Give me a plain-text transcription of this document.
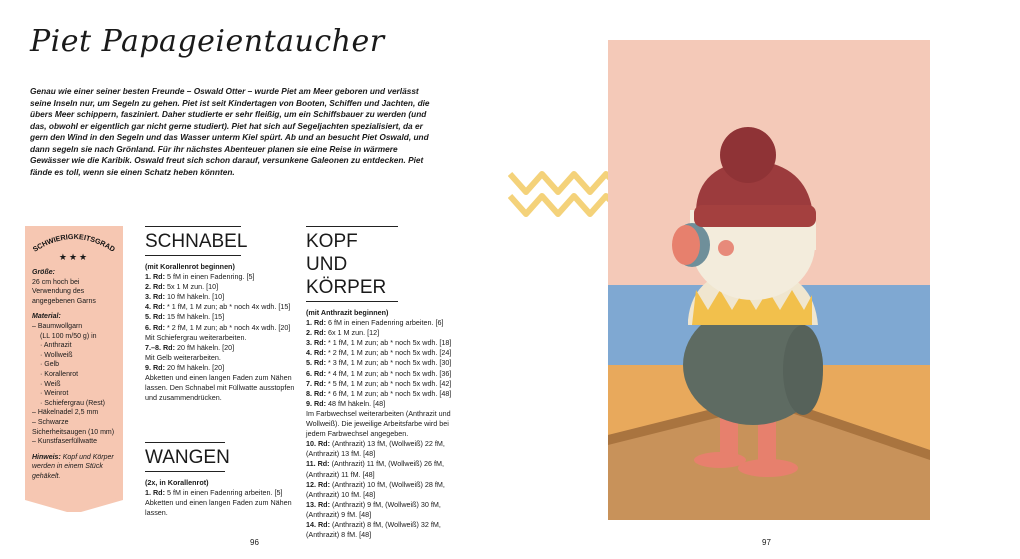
Piet Papageientaucher
Genau wie einer seiner besten Freunde – Oswald Otter – wurde Piet am Meer geboren und verlässt seine Inseln nur, um Segeln zu gehen. Piet ist seit Kindertagen von Booten, Schiffen und Jachten, die übers Meer schippern, fasziniert. Daher studierte er sehr fleißig, um ein Schiffsbauer zu werden (und das, obwohl er eigentlich gar nicht gerne studiert). Piet hat sich auf Segeljachten spezialisiert, da er gern den Wind in den Segeln und das Wasser unterm Kiel spürt. Ab und an besucht Piet Oswald, und dann segeln sie nach Grönland. Für ihr nächstes Abenteuer planen sie eine Reise in wärmere Gewässer wie die Karibik. Oswald freut sich schon darauf, versunkene Galeonen zu entdecken. Piet fände es toll, wenn sie einen Schatz heben könnten.
SCHWIERIGKEITSGRAD
★★★
Größe:
26 cm hoch bei Verwendung des angegebenen Garns
Material:
– Baumwollgarn
(LL 100 m/50 g) in
· Anthrazit
· Wollweiß
· Gelb
· Korallenrot
· Weiß
· Weinrot
· Schiefergrau (Rest)
– Häkelnadel 2,5 mm
– Schwarze Sicherheitsaugen (10 mm)
– Kunstfaserfüllwatte
Hinweis: Kopf und Körper werden in einem Stück gehäkelt.
SCHNABEL

(mit Korallenrot beginnen)

1. Rd: 5 fM in einen Fadenring. [5]

2. Rd: 5x 1 M zun. [10]

3. Rd: 10 fM häkeln. [10]

4. Rd: * 1 fM, 1 M zun; ab * noch 4x wdh. [15]

5. Rd: 15 fM häkeln. [15]

6. Rd: * 2 fM, 1 M zun; ab * noch 4x wdh. [20]

Mit Schiefergrau weiterarbeiten.

7.–8. Rd: 20 fM häkeln. [20]

Mit Gelb weiterarbeiten.

9. Rd: 20 fM häkeln. [20]

Abketten und einen langen Faden zum Nähen lassen. Den Schnabel mit Füllwatte ausstopfen und zusammendrücken.

WANGEN

(2x, in Korallenrot)

1. Rd: 5 fM in einen Fadenring arbeiten. [5] Abketten und einen langen Faden zum Nähen lassen.

KOPF UND KÖRPER

(mit Anthrazit beginnen)

1. Rd: 6 fM in einen Fadenring arbeiten. [6]

2. Rd: 6x 1 M zun. [12]

3. Rd: * 1 fM, 1 M zun; ab * noch 5x wdh. [18]

4. Rd: * 2 fM, 1 M zun; ab * noch 5x wdh. [24]

5. Rd: * 3 fM, 1 M zun; ab * noch 5x wdh. [30]

6. Rd: * 4 fM, 1 M zun; ab * noch 5x wdh. [36]

7. Rd: * 5 fM, 1 M zun; ab * noch 5x wdh. [42]

8. Rd: * 6 fM, 1 M zun; ab * noch 5x wdh. [48]

9. Rd: 48 fM häkeln. [48]

Im Farbwechsel weiterarbeiten (Anthrazit und Wollweiß). Die jeweilige Arbeitsfarbe wird bei jedem Farbwechsel angegeben.

10. Rd: (Anthrazit) 13 fM, (Wollweiß) 22 fM, (Anthrazit) 13 fM. [48]

11. Rd: (Anthrazit) 11 fM, (Wollweiß) 26 fM, (Anthrazit) 11 fM. [48]

12. Rd: (Anthrazit) 10 fM, (Wollweiß) 28 fM, (Anthrazit) 10 fM. [48]

13. Rd: (Anthrazit) 9 fM, (Wollweiß) 30 fM, (Anthrazit) 9 fM. [48]

14. Rd: (Anthrazit) 8 fM, (Wollweiß) 32 fM, (Anthrazit) 8 fM. [48]

96	97
